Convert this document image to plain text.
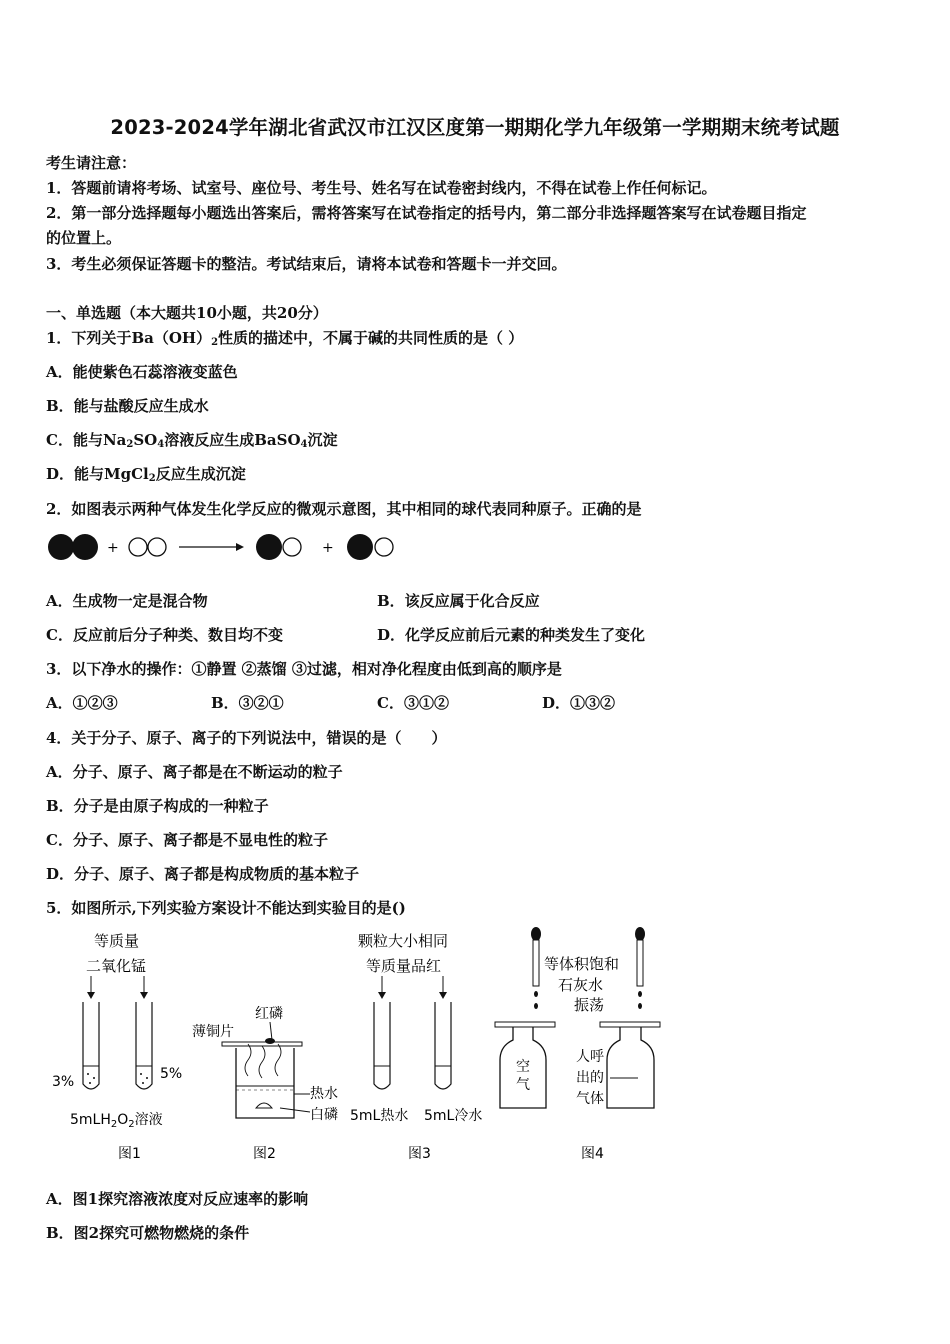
2023-2024学年湖北省武汉市江汉区度第一期期化学九年级第一学期期末统考试题
考生请注意：
1．答题前请将考场、试室号、座位号、考生号、姓名写在试卷密封线内，不得在试卷上作任何标记。
2．第一部分选择题每小题选出答案后，需将答案写在试卷指定的括号内，第二部分非选择题答案写在试卷题目指定
的位置上。
3．考生必须保证答题卡的整洁。考试结束后，请将本试卷和答题卡一并交回。
一、单选题（本大题共10小题，共20分）
1．下列关于$Ba(OH)_2$性质的描述中，不属于碱的共同性质的是（ ）
A．能使紫色石蕊溶液变蓝色
B．能与盐酸反应生成水
C．能与$Na_2SO_4$溶液反应生成BaSO$_4$沉淀
D．能与MgCl$_2$反应生成沉淀
2．如图表示两种气体发生化学反应的微观示意图，其中相同的球代表同种原子。正确的是
+	+
A．生成物一定是混合物	B．该反应属于化合反应
C．反应前后分子种类、数目均不变	D．化学反应前后元素的种类发生了变化
3．以下净水的操作：①静置 ②蒸馏 ③过滤，相对净化程度由低到高的顺序是
A．①②③	B．③②①	C．③①②	D．①③②
4．关于分子、原子、离子的下列说法中，错误的是（　　）
A．分子、原子、离子都是在不断运动的粒子
B．分子是由原子构成的一种粒子
C．分子、原子、离子都是不显电性的粒子
D．分子、原子、离子都是构成物质的基本粒子
5．如图所示,下列实验方案设计不能达到实验目的是()
等质量
二氧化锰
3%	5%
$5mLH_2O_2$溶液
图1
红磷
薄铜片
热水
白磷
图2
颗粒大小相同
等质量品红
5mL热水 5mL冷水
图3
等体积饱和
石灰水
振荡
空
气
人呼
出的
气体
图4
A．图1探究溶液浓度对反应速率的影响
B．图2探究可燃物燃烧的条件
